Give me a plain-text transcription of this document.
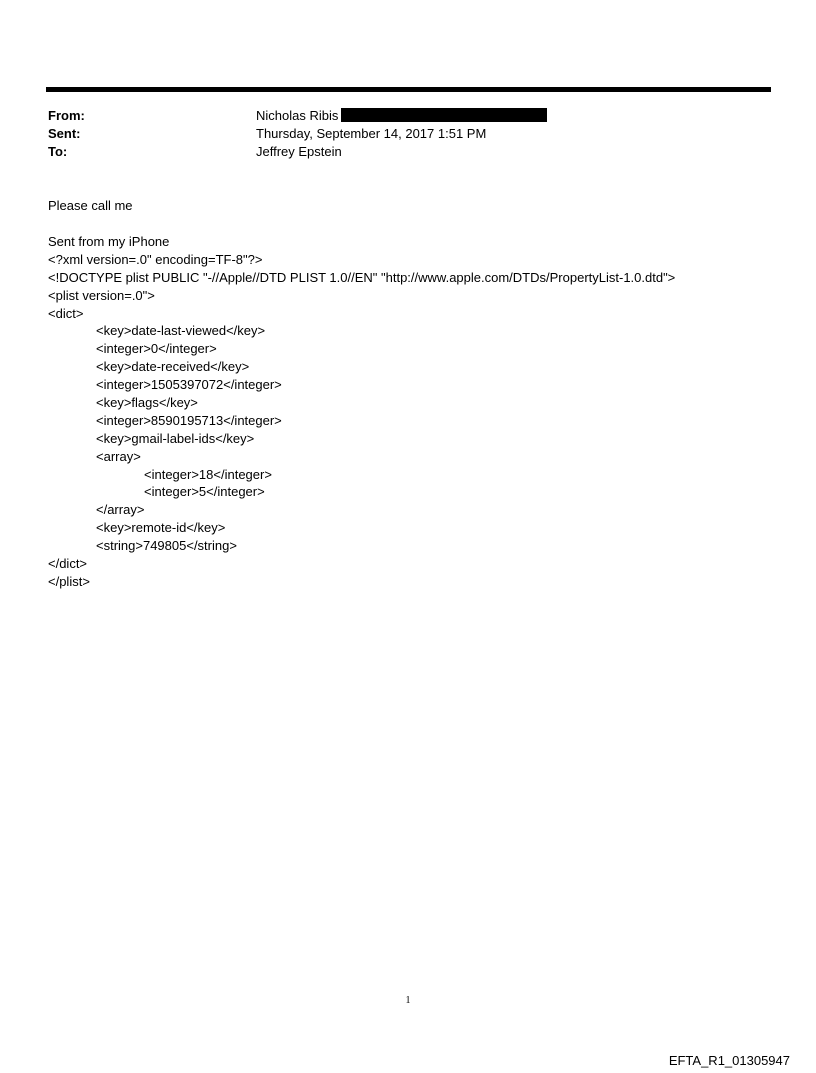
From:	Nicholas Ribis
Sent:	Thursday, September 14, 2017 1:51 PM
To:	Jeffrey Epstein
Please call me
Sent from my iPhone
<?xml version=.0" encoding=TF-8"?>
<!DOCTYPE plist PUBLIC "-//Apple//DTD PLIST 1.0//EN" "http://www.apple.com/DTDs/PropertyList-1.0.dtd">
<plist version=.0">
<dict>
<key>date-last-viewed</key>
<integer>0</integer>
<key>date-received</key>
<integer>1505397072</integer>
<key>flags</key>
<integer>8590195713</integer>
<key>gmail-label-ids</key>
<array>
<integer>18</integer>
<integer>5</integer>
</array>
<key>remote-id</key>
<string>749805</string>
</dict>
</plist>
1
EFTA_R1_01305947
